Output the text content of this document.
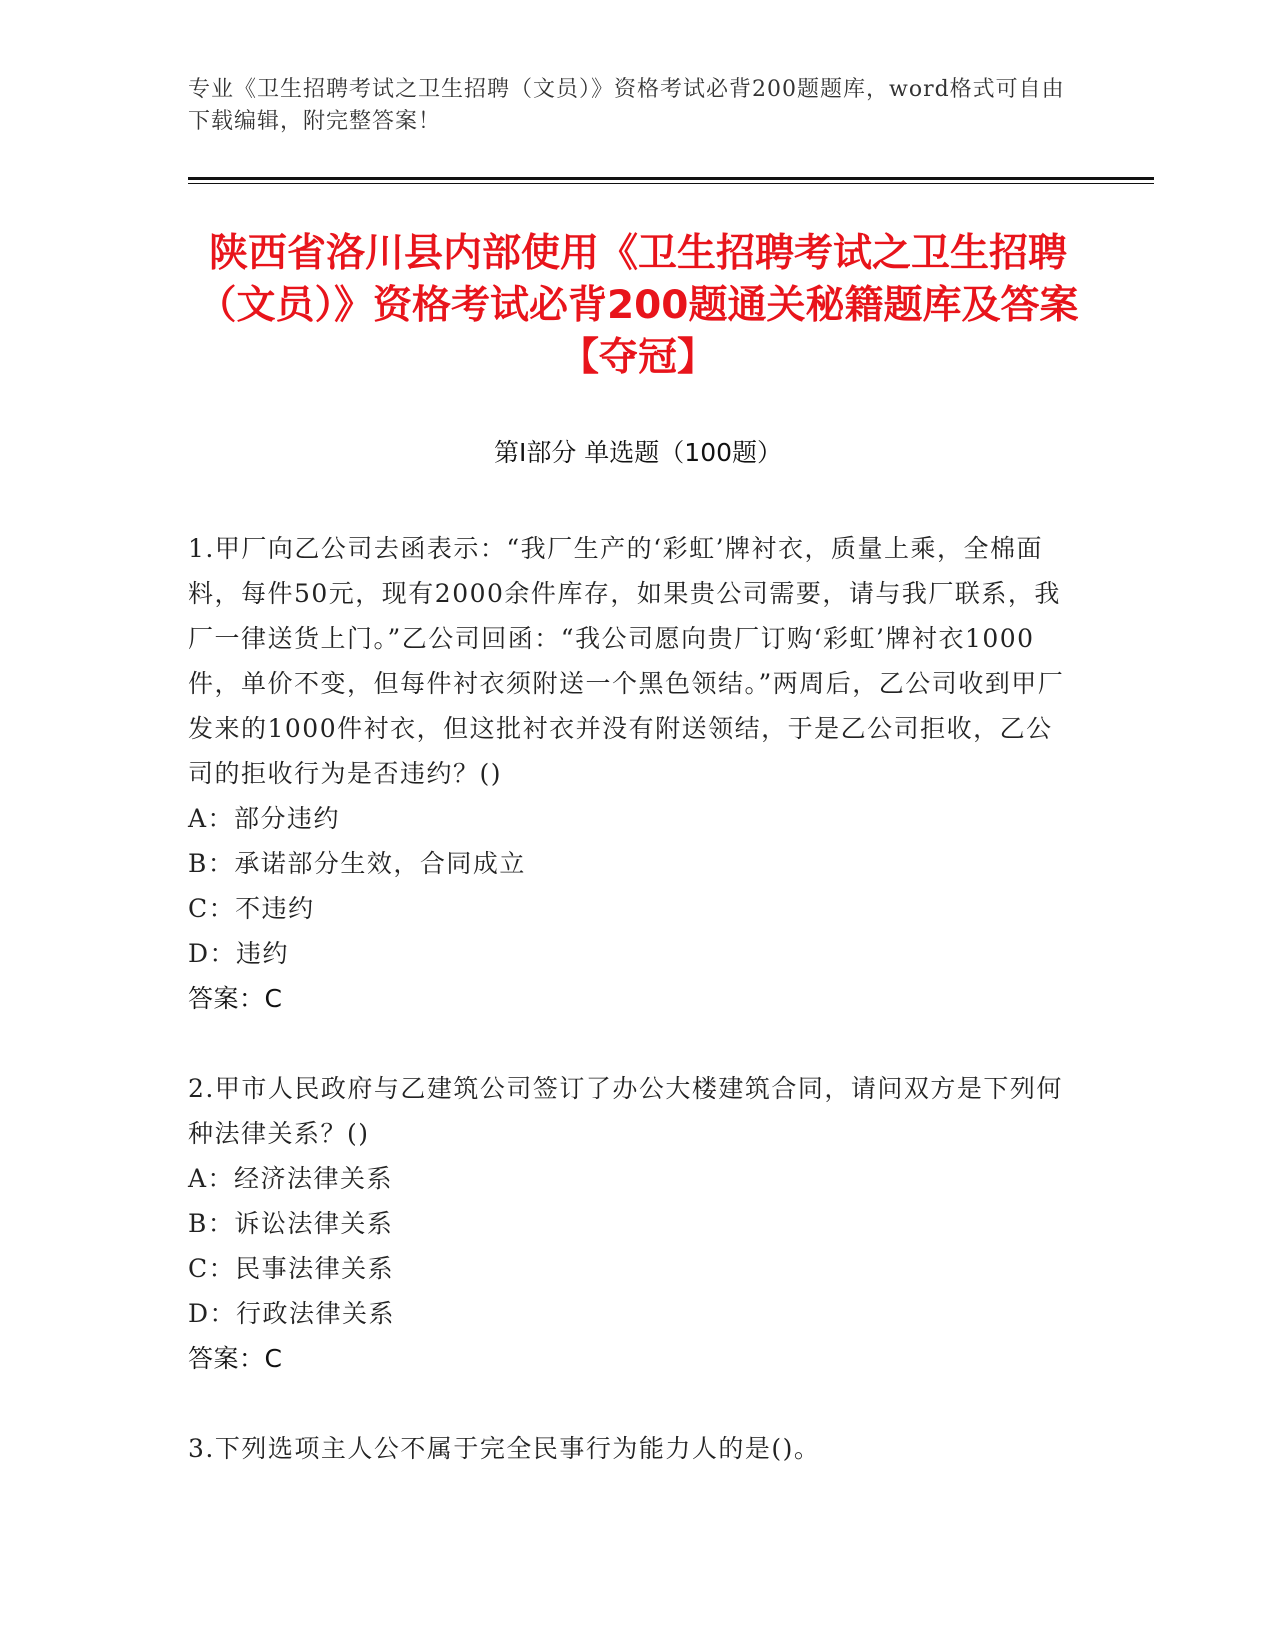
专业《卫生招聘考试之卫生招聘（文员）》资格考试必背200题题库，word格式可自由下载编辑，附完整答案！
陕西省洛川县内部使用《卫生招聘考试之卫生招聘（文员）》资格考试必背200题通关秘籍题库及答案【夺冠】
第I部分 单选题（100题）

1.甲厂向乙公司去函表示：“我厂生产的‘彩虹’牌衬衣，质量上乘，全棉面料，每件50元，现有2000余件库存，如果贵公司需要，请与我厂联系，我厂一律送货上门。”乙公司回函：“我公司愿向贵厂订购‘彩虹’牌衬衣1000件，单价不变，但每件衬衣须附送一个黑色领结。”两周后，乙公司收到甲厂发来的1000件衬衣，但这批衬衣并没有附送领结，于是乙公司拒收，乙公司的拒收行为是否违约？()

A：部分违约

B：承诺部分生效，合同成立

C：不违约

D：违约

答案：C

2.甲市人民政府与乙建筑公司签订了办公大楼建筑合同，请问双方是下列何种法律关系？()

A：经济法律关系

B：诉讼法律关系

C：民事法律关系

D：行政法律关系

答案：C

3.下列选项主人公不属于完全民事行为能力人的是()。
